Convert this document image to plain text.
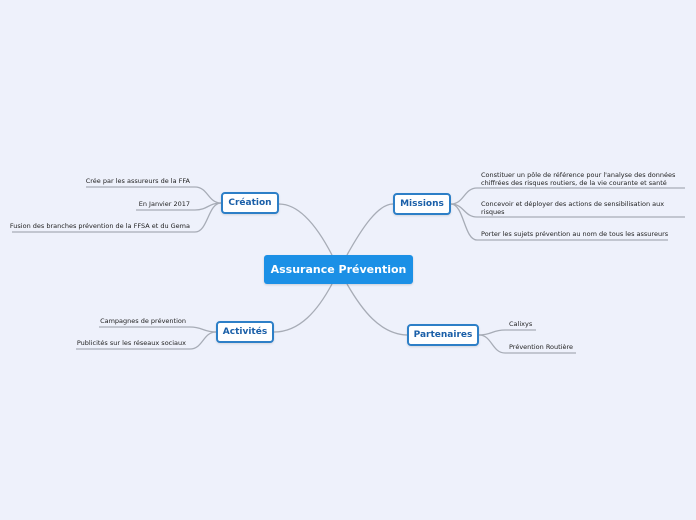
Assurance Prévention
Création	Missions
Activités	Partenaires
Crée par les assureurs de la FFA
En Janvier 2017
Fusion des branches prévention de la FFSA et du Gema
Constituer un pôle de référence pour l'analyse des données
chiffrées des risques routiers, de la vie courante et santé
Concevoir et déployer des actions de sensibilisation aux
risques
Porter les sujets prévention au nom de tous les assureurs
Campagnes de prévention
Publicités sur les réseaux sociaux
Calixys
Prévention Routière
